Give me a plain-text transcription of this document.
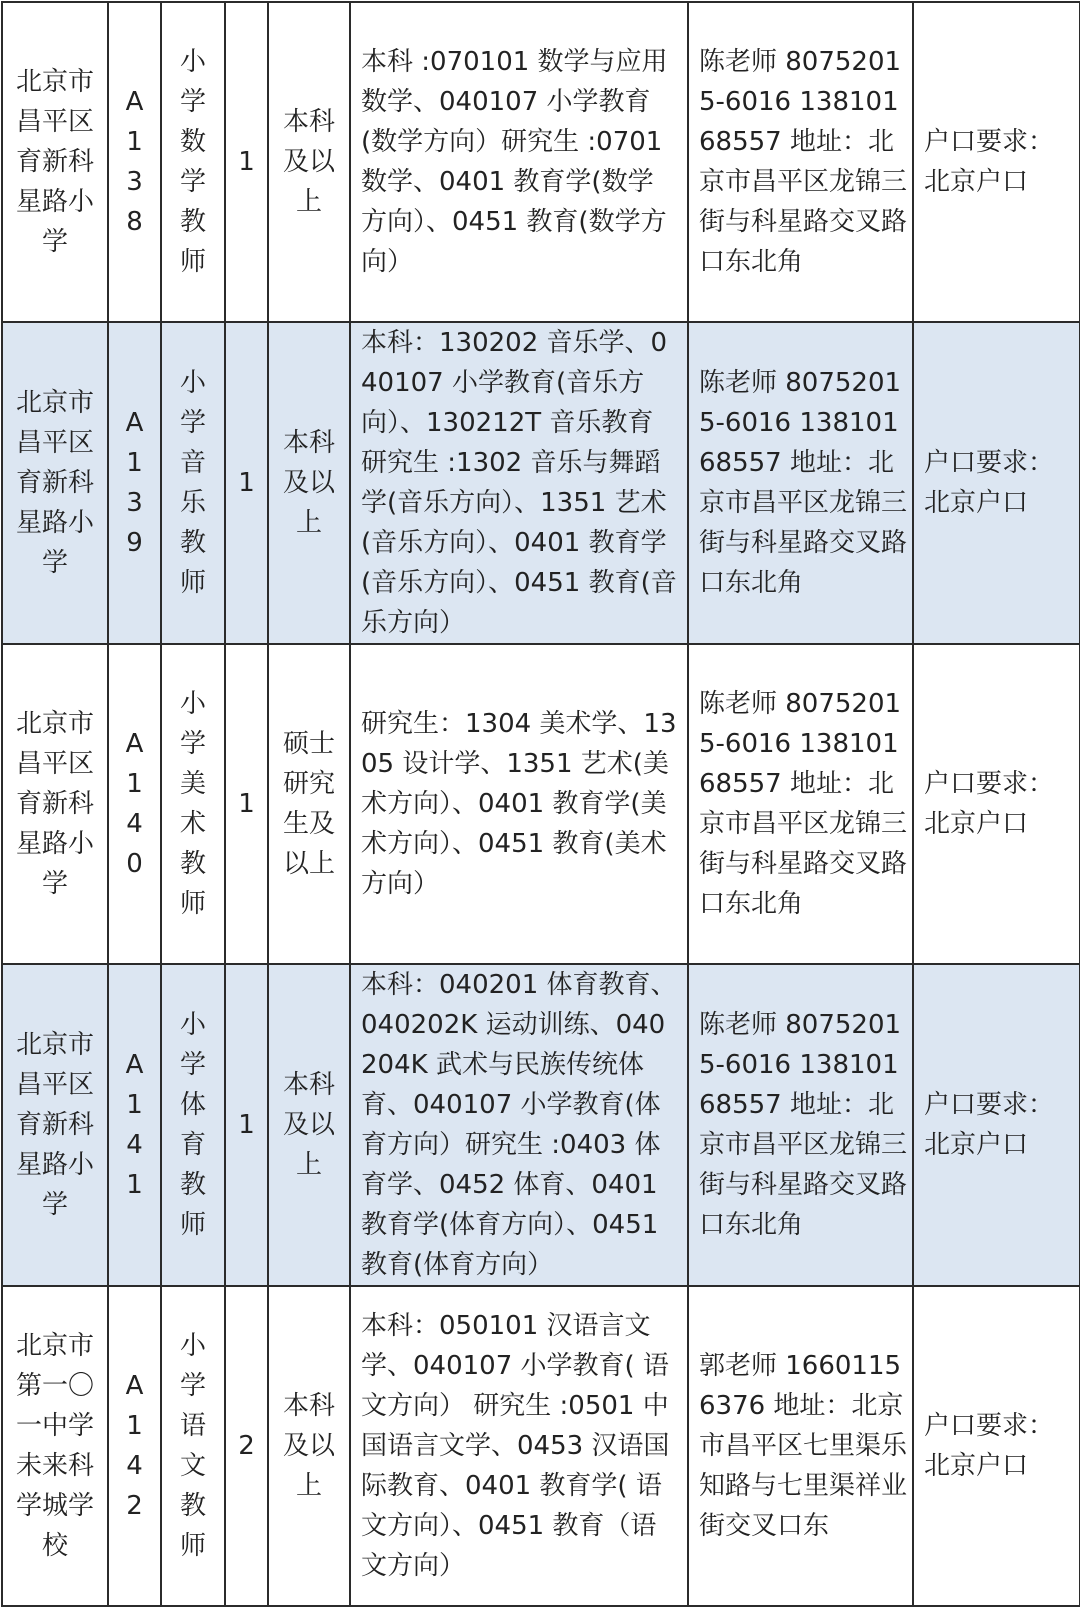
北京市昌平区育新科星路小学	A138	小学数学教师	1	本科及以上	本科 :070101 数学与应用数学、040107 小学教育(数学方向）研究生 :0701 数学、0401 教育学(数学方向）、0451 教育(数学方向）	陈老师 80752015-6016 13810168557 地址：北京市昌平区龙锦三街与科星路交叉路口东北角	户口要求：北京户口
北京市昌平区育新科星路小学	A139	小学音乐教师	1	本科及以上	本科：130202 音乐学、040107 小学教育(音乐方向）、130212T 音乐教育 研究生 :1302 音乐与舞蹈学(音乐方向）、1351 艺术(音乐方向）、0401 教育学(音乐方向）、0451 教育(音乐方向）	陈老师 80752015-6016 13810168557 地址：北京市昌平区龙锦三街与科星路交叉路口东北角	户口要求：北京户口
北京市昌平区育新科星路小学	A140	小学美术教师	1	硕士研究生及以上	研究生：1304 美术学、1305 设计学、1351 艺术(美术方向）、0401 教育学(美术方向）、0451 教育(美术方向）	陈老师 80752015-6016 13810168557 地址：北京市昌平区龙锦三街与科星路交叉路口东北角	户口要求：北京户口
北京市昌平区育新科星路小学	A141	小学体育教师	1	本科及以上	本科：040201 体育教育、040202K 运动训练、040204K 武术与民族传统体育、040107 小学教育(体育方向）研究生 :0403 体育学、0452 体育、0401 教育学(体育方向）、0451 教育(体育方向）	陈老师 80752015-6016 13810168557 地址：北京市昌平区龙锦三街与科星路交叉路口东北角	户口要求：北京户口
北京市第一〇一中学未来科学城学校	A142	小学语文教师	2	本科及以上	本科：050101 汉语言文学、040107 小学教育( 语文方向） 研究生 :0501 中国语言文学、0453 汉语国际教育、0401 教育学( 语文方向）、0451 教育（语文方向）	郭老师 16601156376 地址：北京市昌平区七里渠乐知路与七里渠祥业街交叉口东	户口要求：北京户口
